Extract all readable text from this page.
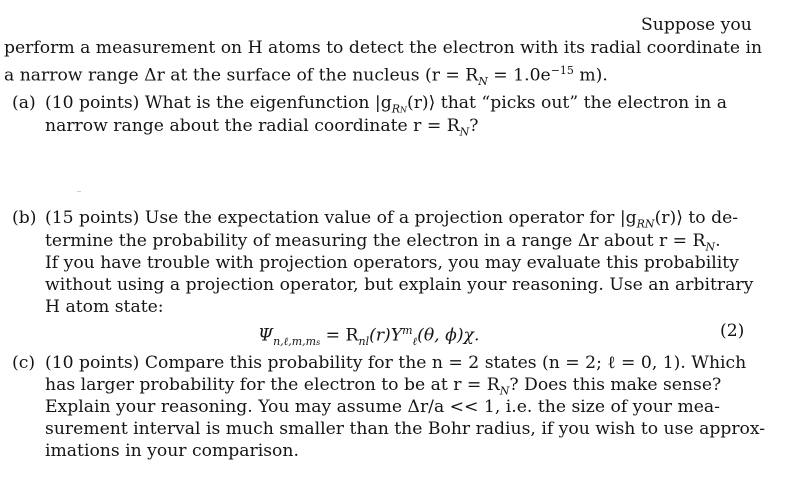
Suppose you
perform a measurement on H atoms to detect the electron with its radial coordinate in
a narrow range Δr at the surface of the nucleus ($r = R_N = 1.0e^{-15}$ m).
(a) (10 points) What is the eigenfunction $|g_{RN}(r)⟩$ that “picks out” the electron in a
narrow range about the radial coordinate $r = R_N$?
(b) (15 points) Use the expectation value of a projection operator for $|g_{RN}(r)⟩$ to de-
termine the probability of measuring the electron in a range Δr about $r = R_N$.
If you have trouble with projection operators, you may evaluate this probability
without using a projection operator, but explain your reasoning. Use an arbitrary
H atom state:
$\Psi_{n,\ell,m,ms} = R_{nl}(r)Y^m_\ell(\theta$, ϕ)χ.	(2)
(c) (10 points) Compare this probability for the n = 2 states (n = 2; ℓ = 0, 1). Which
has larger probability for the electron to be at $r = R_N$? Does this make sense?
Explain your reasoning. You may assume Δr/a << 1, i.e. the size of your mea-
surement interval is much smaller than the Bohr radius, if you wish to use approx-
imations in your comparison.
